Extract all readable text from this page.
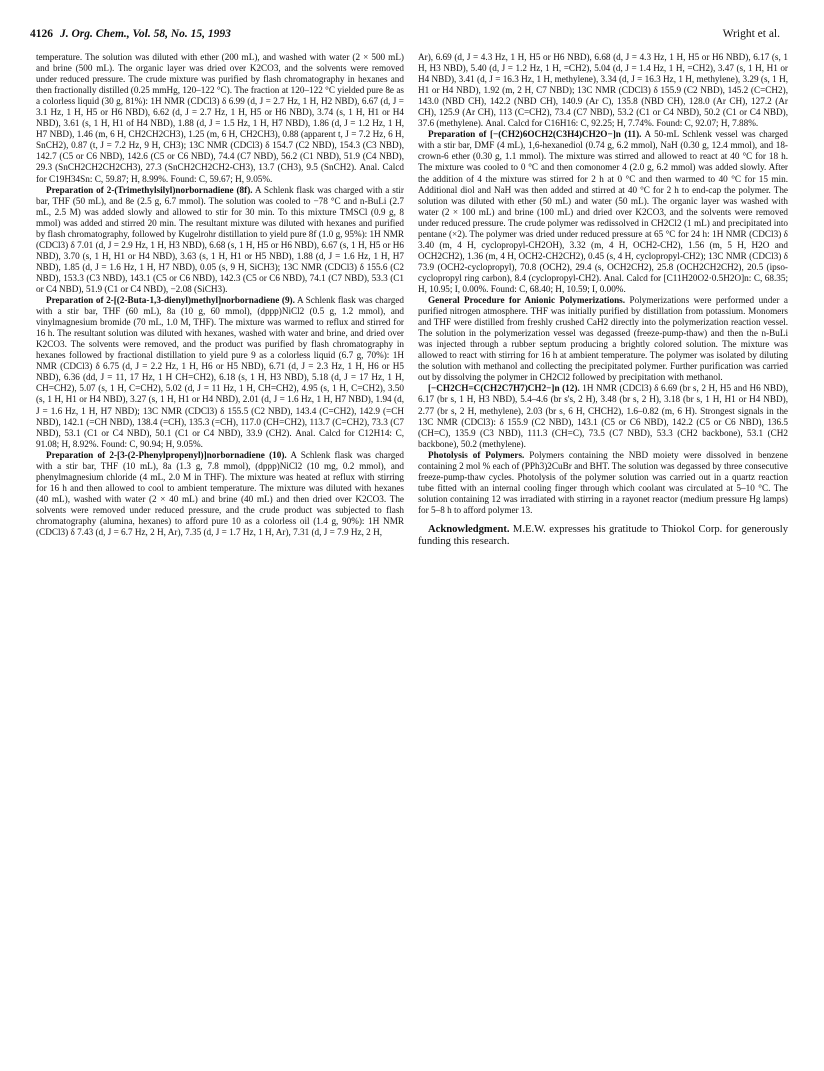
4126 J. Org. Chem., Vol. 58, No. 15, 1993	Wright et al.

temperature. The solution was diluted with ether (200 mL), and washed with water (2 × 500 mL) and brine (500 mL). The organic layer was dried over K2CO3, and the solvents were removed under reduced pressure. The crude mixture was purified by flash chromatography in hexanes and then fractionally distilled (0.25 mmHg, 120–122 °C). The fraction at 120–122 °C yielded pure 8e as a colorless liquid (30 g, 81%): 1H NMR (CDCl3) δ 6.99 (d, J = 2.7 Hz, 1 H, H2 NBD), 6.67 (d, J = 3.1 Hz, 1 H, H5 or H6 NBD), 6.62 (d, J = 2.7 Hz, 1 H, H5 or H6 NBD), 3.74 (s, 1 H, H1 or H4 NBD), 3.61 (s, 1 H, H1 of H4 NBD), 1.88 (d, J = 1.5 Hz, 1 H, H7 NBD), 1.86 (d, J = 1.2 Hz, 1 H, H7 NBD), 1.46 (m, 6 H, CH2CH2CH3), 1.25 (m, 6 H, CH2CH3), 0.88 (apparent t, J = 7.2 Hz, 6 H, SnCH2), 0.87 (t, J = 7.2 Hz, 9 H, CH3); 13C NMR (CDCl3) δ 154.7 (C2 NBD), 154.3 (C3 NBD), 142.7 (C5 or C6 NBD), 142.6 (C5 or C6 NBD), 74.4 (C7 NBD), 56.2 (C1 NBD), 51.9 (C4 NBD), 29.3 (SnCH2CH2CH2CH3), 27.3 (SnCH2CH2CH2-CH3), 13.7 (CH3), 9.5 (SnCH2). Anal. Calcd for C19H34Sn: C, 59.87; H, 8.99%. Found: C, 59.67; H, 9.05%.

Preparation of 2-(Trimethylsilyl)norbornadiene (8f). A Schlenk flask was charged with a stir bar, THF (50 mL), and 8e (2.5 g, 6.7 mmol). The solution was cooled to −78 °C and n-BuLi (2.7 mL, 2.5 M) was added slowly and allowed to stir for 30 min. To this mixture TMSCl (0.9 g, 8 mmol) was added and stirred 20 min. The resultant mixture was diluted with hexanes and purified by flash chromatography, followed by Kugelrohr distillation to yield pure 8f (1.0 g, 95%): 1H NMR (CDCl3) δ 7.01 (d, J = 2.9 Hz, 1 H, H3 NBD), 6.68 (s, 1 H, H5 or H6 NBD), 6.67 (s, 1 H, H5 or H6 NBD), 3.70 (s, 1 H, H1 or H4 NBD), 3.63 (s, 1 H, H1 or H5 NBD), 1.88 (d, J = 1.6 Hz, 1 H, H7 NBD), 1.85 (d, J = 1.6 Hz, 1 H, H7 NBD), 0.05 (s, 9 H, SiCH3); 13C NMR (CDCl3) δ 155.6 (C2 NBD), 153.3 (C3 NBD), 143.1 (C5 or C6 NBD), 142.3 (C5 or C6 NBD), 74.1 (C7 NBD), 53.3 (C1 or C4 NBD), 51.9 (C1 or C4 NBD), −2.08 (SiCH3).

Preparation of 2-[(2-Buta-1,3-dienyl)methyl]norbornadiene (9). A Schlenk flask was charged with a stir bar, THF (60 mL), 8a (10 g, 60 mmol), (dppp)NiCl2 (0.5 g, 1.2 mmol), and vinylmagnesium bromide (70 mL, 1.0 M, THF). The mixture was warmed to reflux and stirred for 16 h. The resultant solution was diluted with hexanes, washed with water and brine, and dried over K2CO3. The solvents were removed, and the product was purified by flash chromatography in hexanes followed by fractional distillation to yield pure 9 as a colorless liquid (6.7 g, 70%): 1H NMR (CDCl3) δ 6.75 (d, J = 2.2 Hz, 1 H, H6 or H5 NBD), 6.71 (d, J = 2.3 Hz, 1 H, H6 or H5 NBD), 6.36 (dd, J = 11, 17 Hz, 1 H CH=CH2), 6.18 (s, 1 H, H3 NBD), 5.18 (d, J = 17 Hz, 1 H, CH=CH2), 5.07 (s, 1 H, C=CH2), 5.02 (d, J = 11 Hz, 1 H, CH=CH2), 4.95 (s, 1 H, C=CH2), 3.50 (s, 1 H, H1 or H4 NBD), 3.27 (s, 1 H, H1 or H4 NBD), 2.01 (d, J = 1.6 Hz, 1 H, H7 NBD), 1.94 (d, J = 1.6 Hz, 1 H, H7 NBD); 13C NMR (CDCl3) δ 155.5 (C2 NBD), 143.4 (C=CH2), 142.9 (=CH NBD), 142.1 (=CH NBD), 138.4 (=CH), 135.3 (=CH), 117.0 (CH=CH2), 113.7 (C=CH2), 73.3 (C7 NBD), 53.1 (C1 or C4 NBD), 50.1 (C1 or C4 NBD), 33.9 (CH2). Anal. Calcd for C12H14: C, 91.08; H, 8.92%. Found: C, 90.94; H, 9.05%.

Preparation of 2-[3-(2-Phenylpropenyl)]norbornadiene (10). A Schlenk flask was charged with a stir bar, THF (10 mL), 8a (1.3 g, 7.8 mmol), (dppp)NiCl2 (10 mg, 0.2 mmol), and phenylmagnesium chloride (4 mL, 2.0 M in THF). The mixture was heated at reflux with stirring for 16 h and then allowed to cool to ambient temperature. The mixture was diluted with hexanes (40 mL), washed with water (2 × 40 mL) and brine (40 mL) and then dried over K2CO3. The solvents were removed under reduced pressure, and the crude product was subjected to flash chromatography (alumina, hexanes) to afford pure 10 as a colorless oil (1.4 g, 90%): 1H NMR (CDCl3) δ 7.43 (d, J = 6.7 Hz, 2 H, Ar), 7.35 (d, J = 1.7 Hz, 1 H, Ar), 7.31 (d, J = 7.9 Hz, 2 H,

Ar), 6.69 (d, J = 4.3 Hz, 1 H, H5 or H6 NBD), 6.68 (d, J = 4.3 Hz, 1 H, H5 or H6 NBD), 6.17 (s, 1 H, H3 NBD), 5.40 (d, J = 1.2 Hz, 1 H, =CH2), 5.04 (d, J = 1.4 Hz, 1 H, =CH2), 3.47 (s, 1 H, H1 or H4 NBD), 3.41 (d, J = 16.3 Hz, 1 H, methylene), 3.34 (d, J = 16.3 Hz, 1 H, methylene), 3.29 (s, 1 H, H1 or H4 NBD), 1.92 (m, 2 H, C7 NBD); 13C NMR (CDCl3) δ 155.9 (C2 NBD), 145.2 (C=CH2), 143.0 (NBD CH), 142.2 (NBD CH), 140.9 (Ar C), 135.8 (NBD CH), 128.0 (Ar CH), 127.2 (Ar CH), 125.9 (Ar CH), 113 (C=CH2), 73.4 (C7 NBD), 53.2 (C1 or C4 NBD), 50.2 (C1 or C4 NBD), 37.6 (methylene). Anal. Calcd for C16H16: C, 92.25; H, 7.74%. Found: C, 92.07; H, 7.88%.

Preparation of [−(CH2)6OCH2(C3H4)CH2O−]n (11). A 50-mL Schlenk vessel was charged with a stir bar, DMF (4 mL), 1,6-hexanediol (0.74 g, 6.2 mmol), NaH (0.30 g, 12.4 mmol), and 18-crown-6 ether (0.30 g, 1.1 mmol). The mixture was stirred and allowed to react at 40 °C for 18 h. The mixture was cooled to 0 °C and then comonomer 4 (2.0 g, 6.2 mmol) was added slowly. After the addition of 4 the mixture was stirred for 2 h at 0 °C and then warmed to 40 °C for 15 min. Additional diol and NaH was then added and stirred at 40 °C for 2 h to end-cap the polymer. The solution was diluted with ether (50 mL) and water (50 mL). The organic layer was washed with water (2 × 100 mL) and brine (100 mL) and dried over K2CO3, and the solvents were removed under reduced pressure. The crude polymer was redissolved in CH2Cl2 (1 mL) and precipitated into pentane (×2). The polymer was dried under reduced pressure at 65 °C for 24 h: 1H NMR (CDCl3) δ 3.40 (m, 4 H, cyclopropyl-CH2OH), 3.32 (m, 4 H, OCH2-CH2), 1.56 (m, 5 H, H2O and OCH2CH2), 1.36 (m, 4 H, OCH2-CH2CH2), 0.45 (s, 4 H, cyclopropyl-CH2); 13C NMR (CDCl3) δ 73.9 (OCH2-cyclopropyl), 70.8 (OCH2), 29.4 (s, OCH2CH2), 25.8 (OCH2CH2CH2), 20.5 (ipso-cyclopropyl ring carbon), 8.4 (cyclopropyl-CH2). Anal. Calcd for [C11H20O2·0.5H2O]n: C, 68.35; H, 10.95; I, 0.00%. Found: C, 68.40; H, 10.59; I, 0.00%.

General Procedure for Anionic Polymerizations. Polymerizations were performed under a purified nitrogen atmosphere. THF was initially purified by distillation from potassium. Monomers and THF were distilled from freshly crushed CaH2 directly into the polymerization reaction vessel. The solution in the polymerization vessel was degassed (freeze-pump-thaw) and then the n-BuLi was injected through a rubber septum producing a brightly colored solution. The mixture was allowed to react with stirring for 16 h at ambient temperature. The polymer was isolated by diluting the solution with methanol and collecting the precipitated polymer. Further purification was carried out by dissolving the polymer in CH2Cl2 followed by precipitation with methanol.

[−CH2CH=C(CH2C7H7)CH2−]n (12). 1H NMR (CDCl3) δ 6.69 (br s, 2 H, H5 and H6 NBD), 6.17 (br s, 1 H, H3 NBD), 5.4–4.6 (br s's, 2 H), 3.48 (br s, 2 H), 3.18 (br s, 1 H, H1 or H4 NBD), 2.77 (br s, 2 H, methylene), 2.03 (br s, 6 H, CHCH2), 1.6–0.82 (m, 6 H). Strongest signals in the 13C NMR (CDCl3): δ 155.9 (C2 NBD), 143.1 (C5 or C6 NBD), 142.2 (C5 or C6 NBD), 136.5 (CH=C), 135.9 (C3 NBD), 111.3 (CH=C), 73.5 (C7 NBD), 53.3 (CH2 backbone), 53.1 (CH2 backbone), 50.2 (methylene).

Photolysis of Polymers. Polymers containing the NBD moiety were dissolved in benzene containing 2 mol % each of (PPh3)2CuBr and BHT. The solution was degassed by three consecutive freeze-pump-thaw cycles. Photolysis of the polymer solution was carried out in a quartz reaction tube fitted with an internal cooling finger through which coolant was circulated at 5–10 °C. The solution containing 12 was irradiated with stirring in a rayonet reactor (medium pressure Hg lamps) for 5–8 h to afford polymer 13.

Acknowledgment. M.E.W. expresses his gratitude to Thiokol Corp. for generously funding this research.
